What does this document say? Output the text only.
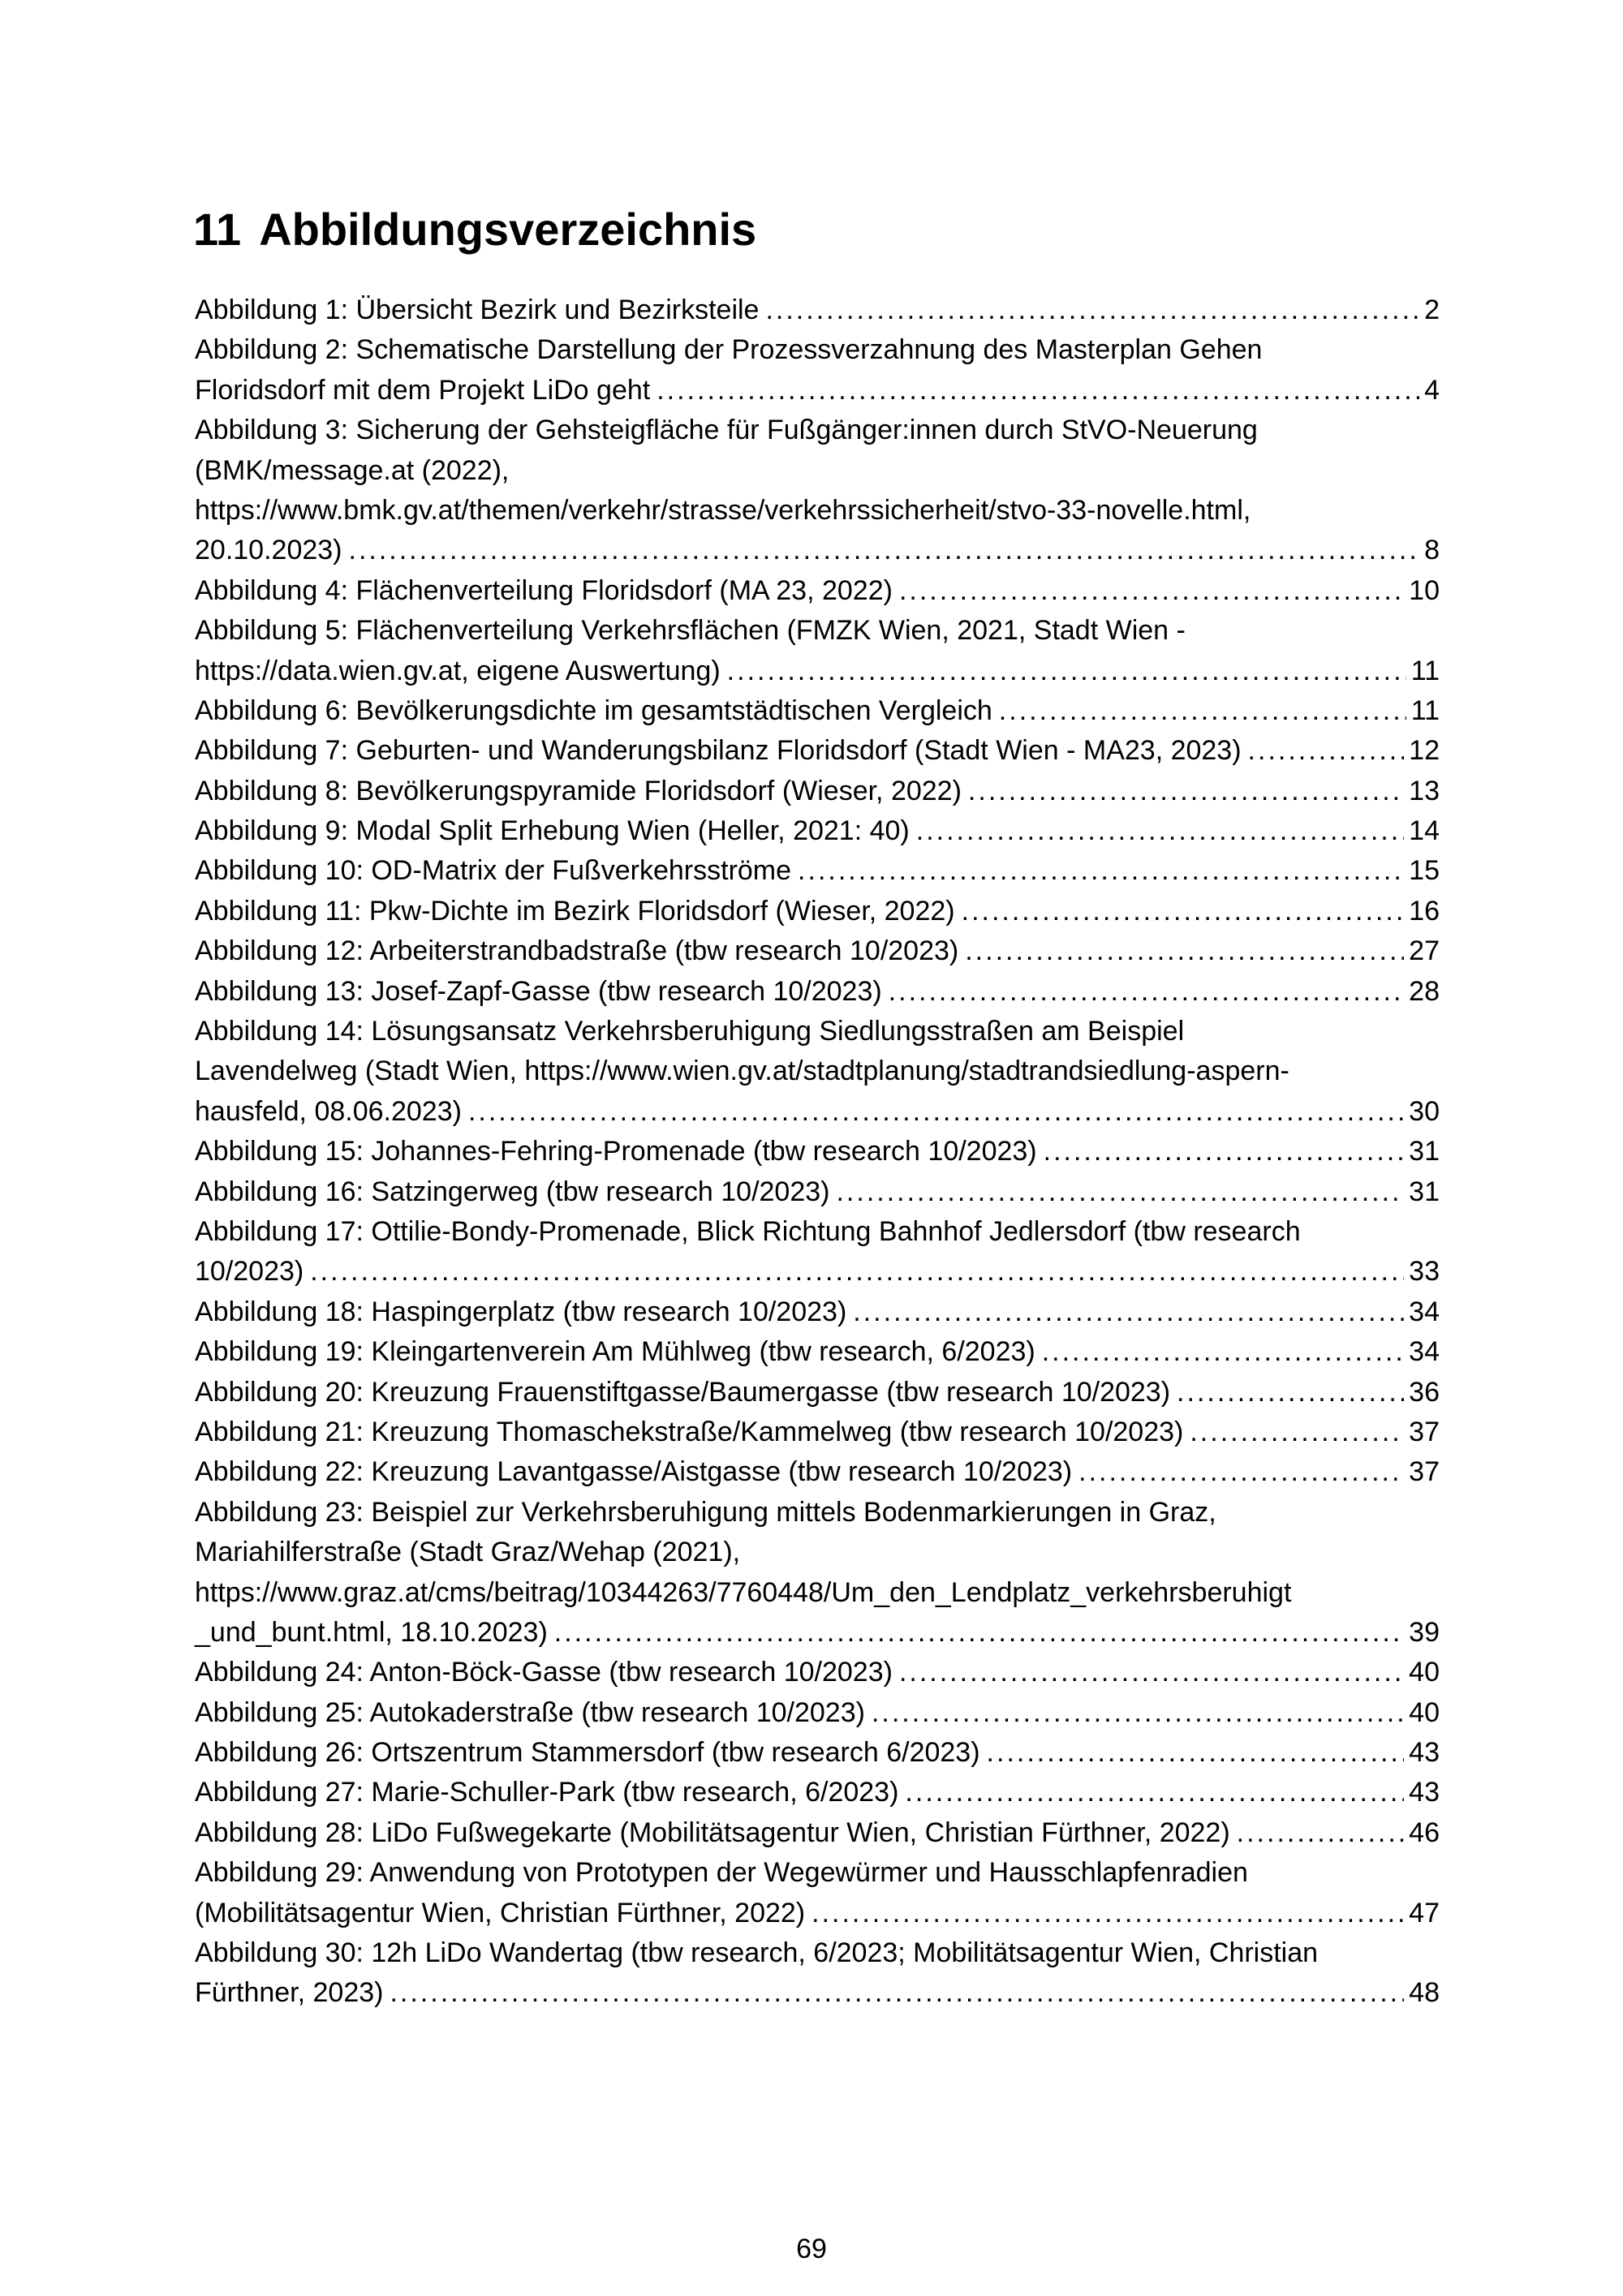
11 Abbildungsverzeichnis
Abbildung 1: Übersicht Bezirk und Bezirksteile .....	2
Abbildung 2: Schematische Darstellung der Prozessverzahnung des Masterplan Gehen
Floridsdorf mit dem Projekt LiDo geht .....	4
Abbildung 3: Sicherung der Gehsteigfläche für Fußgänger:innen durch StVO-Neuerung
(BMK/message.at (2022),
https://www.bmk.gv.at/themen/verkehr/strasse/verkehrssicherheit/stvo-33-novelle.html,
20.10.2023) .....	8
Abbildung 4: Flächenverteilung Floridsdorf (MA 23, 2022) .....	10
Abbildung 5: Flächenverteilung Verkehrsflächen (FMZK Wien, 2021, Stadt Wien -
https://data.wien.gv.at, eigene Auswertung) .....	11
Abbildung 6: Bevölkerungsdichte im gesamtstädtischen Vergleich .....	11
Abbildung 7: Geburten- und Wanderungsbilanz Floridsdorf (Stadt Wien - MA23, 2023) .....	12
Abbildung 8: Bevölkerungspyramide Floridsdorf (Wieser, 2022) .....	13
Abbildung 9: Modal Split Erhebung Wien (Heller, 2021: 40) .....	14
Abbildung 10: OD-Matrix der Fußverkehrsströme .....	15
Abbildung 11: Pkw-Dichte im Bezirk Floridsdorf (Wieser, 2022) .....	16
Abbildung 12: Arbeiterstrandbadstraße (tbw research 10/2023) .....	27
Abbildung 13: Josef-Zapf-Gasse (tbw research 10/2023) .....	28
Abbildung 14: Lösungsansatz Verkehrsberuhigung Siedlungsstraßen am Beispiel
Lavendelweg (Stadt Wien, https://www.wien.gv.at/stadtplanung/stadtrandsiedlung-aspern-
hausfeld, 08.06.2023) .....	30
Abbildung 15: Johannes-Fehring-Promenade (tbw research 10/2023) .....	31
Abbildung 16: Satzingerweg (tbw research 10/2023) .....	31
Abbildung 17: Ottilie-Bondy-Promenade, Blick Richtung Bahnhof Jedlersdorf (tbw research
10/2023) .....	33
Abbildung 18: Haspingerplatz (tbw research 10/2023) .....	34
Abbildung 19: Kleingartenverein Am Mühlweg (tbw research, 6/2023) .....	34
Abbildung 20: Kreuzung Frauenstiftgasse/Baumergasse (tbw research 10/2023) .....	36
Abbildung 21: Kreuzung Thomaschekstraße/Kammelweg (tbw research 10/2023) .....	37
Abbildung 22: Kreuzung Lavantgasse/Aistgasse (tbw research 10/2023) .....	37
Abbildung 23: Beispiel zur Verkehrsberuhigung mittels Bodenmarkierungen in Graz,
Mariahilferstraße (Stadt Graz/Wehap (2021),
https://www.graz.at/cms/beitrag/10344263/7760448/Um_den_Lendplatz_verkehrsberuhigt
_und_bunt.html, 18.10.2023) .....	39
Abbildung 24: Anton-Böck-Gasse (tbw research 10/2023) .....	40
Abbildung 25: Autokaderstraße (tbw research 10/2023) .....	40
Abbildung 26: Ortszentrum Stammersdorf (tbw research 6/2023) .....	43
Abbildung 27: Marie-Schuller-Park (tbw research, 6/2023) .....	43
Abbildung 28: LiDo Fußwegekarte (Mobilitätsagentur Wien, Christian Fürthner, 2022) .....	46
Abbildung 29: Anwendung von Prototypen der Wegewürmer und Hausschlapfenradien
(Mobilitätsagentur Wien, Christian Fürthner, 2022) .....	47
Abbildung 30: 12h LiDo Wandertag (tbw research, 6/2023; Mobilitätsagentur Wien, Christian
Fürthner, 2023) .....	48
69
